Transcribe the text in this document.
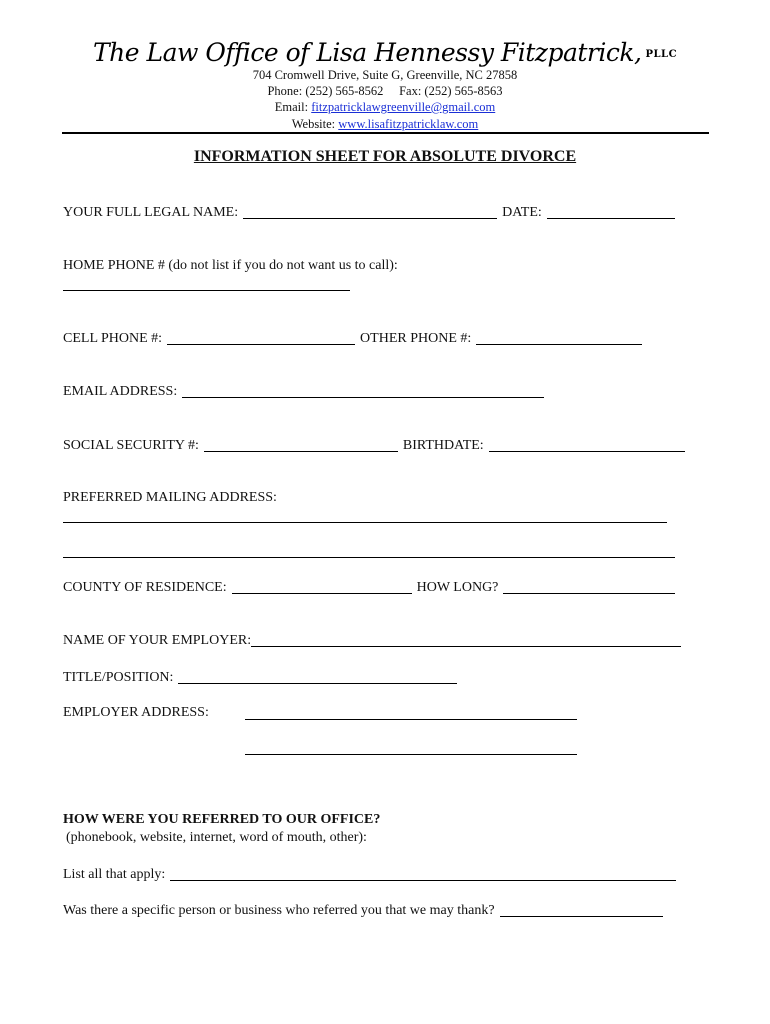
The Law Office of Lisa Hennessy Fitzpatrick, PLLC
704 Cromwell Drive, Suite G, Greenville, NC 27858
Phone: (252) 565-8562 Fax: (252) 565-8563
Email: fitzpatricklawgreenville@gmail.com
Website: www.lisafitzpatricklaw.com
INFORMATION SHEET FOR ABSOLUTE DIVORCE
YOUR FULL LEGAL NAME:	DATE:
HOME PHONE # (do not list if you do not want us to call):
CELL PHONE #:	OTHER PHONE #:
EMAIL ADDRESS:
SOCIAL SECURITY #:	BIRTHDATE:
PREFERRED MAILING ADDRESS:
COUNTY OF RESIDENCE:	HOW LONG?
NAME OF YOUR EMPLOYER:
TITLE/POSITION:
EMPLOYER ADDRESS:
HOW WERE YOU REFERRED TO OUR OFFICE?
(phonebook, website, internet, word of mouth, other):
List all that apply:
Was there a specific person or business who referred you that we may thank?
